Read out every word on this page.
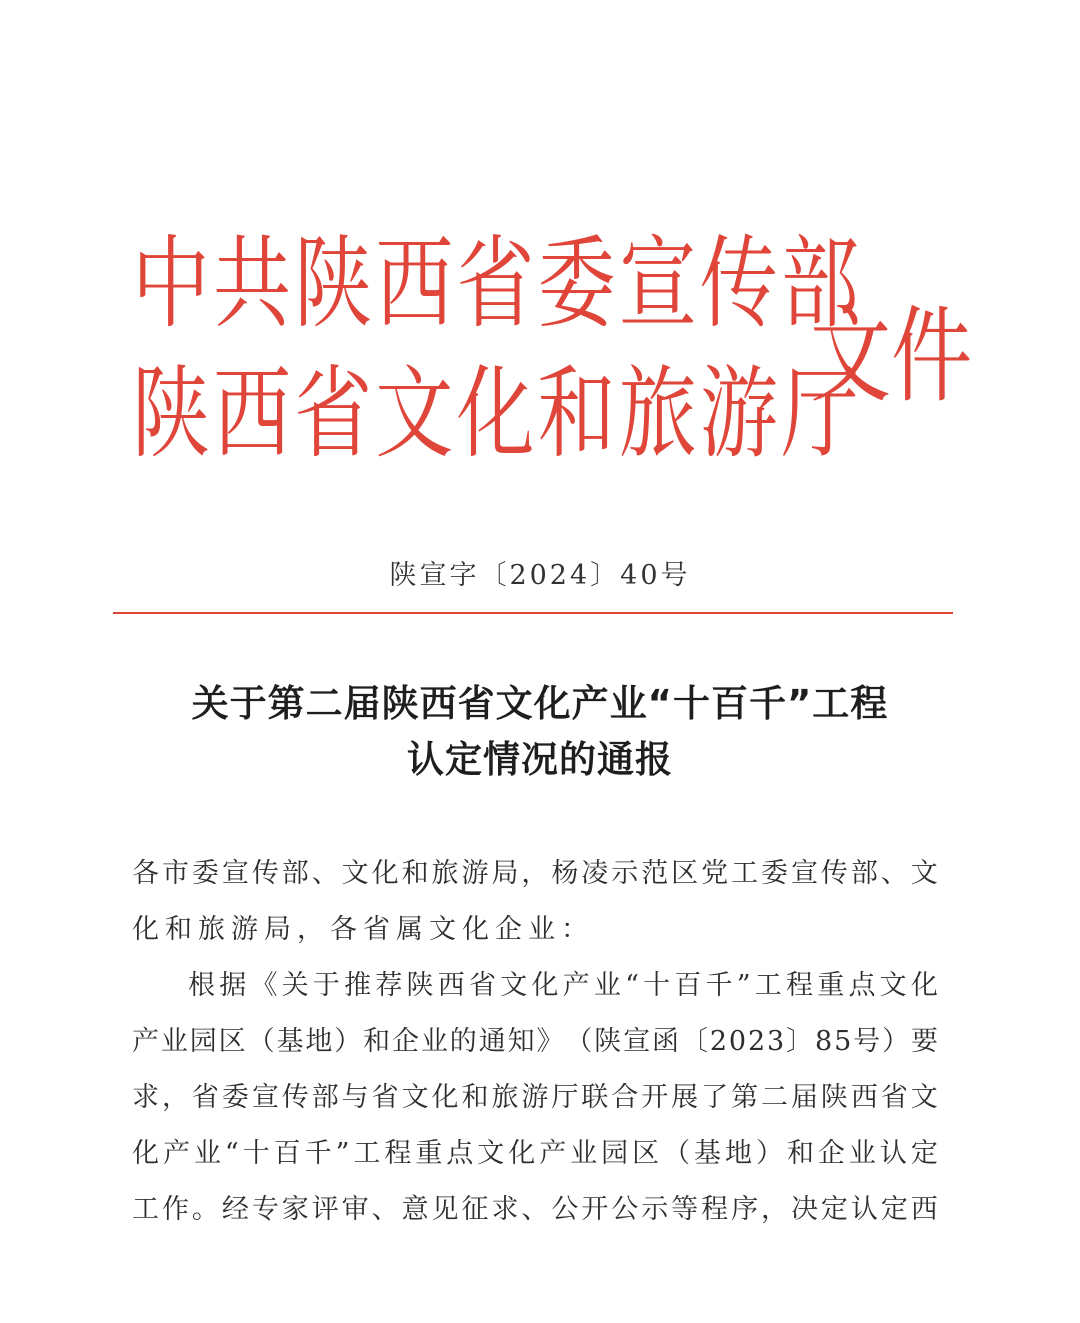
中共陕西省委宣传部
陕西省文化和旅游厅
文件
陕宣字〔2024〕40号
关于第二届陕西省文化产业“十百千”工程
认定情况的通报
各 市 委 宣 传 部 、 文 化 和 旅 游 局 ， 杨 凌 示 范 区 党 工 委 宣 传 部 、 文
化和旅游局，各省属文化企业：
根 据 《 关 于 推 荐 陕 西 省 文 化 产 业 “ 十 百 千 ” 工 程 重 点 文 化
产 业 园 区 （ 基 地 ） 和 企 业 的 通 知 》 （ 陕 宣 函 〔 2 0 2 3 〕 8 5 号 ） 要
求 ， 省 委 宣 传 部 与 省 文 化 和 旅 游 厅 联 合 开 展 了 第 二 届 陕 西 省 文
化 产 业 “ 十 百 千 ” 工 程 重 点 文 化 产 业 园 区 （ 基 地 ） 和 企 业 认 定
工 作 。 经 专 家 评 审 、 意 见 征 求 、 公 开 公 示 等 程 序 ， 决 定 认 定 西
